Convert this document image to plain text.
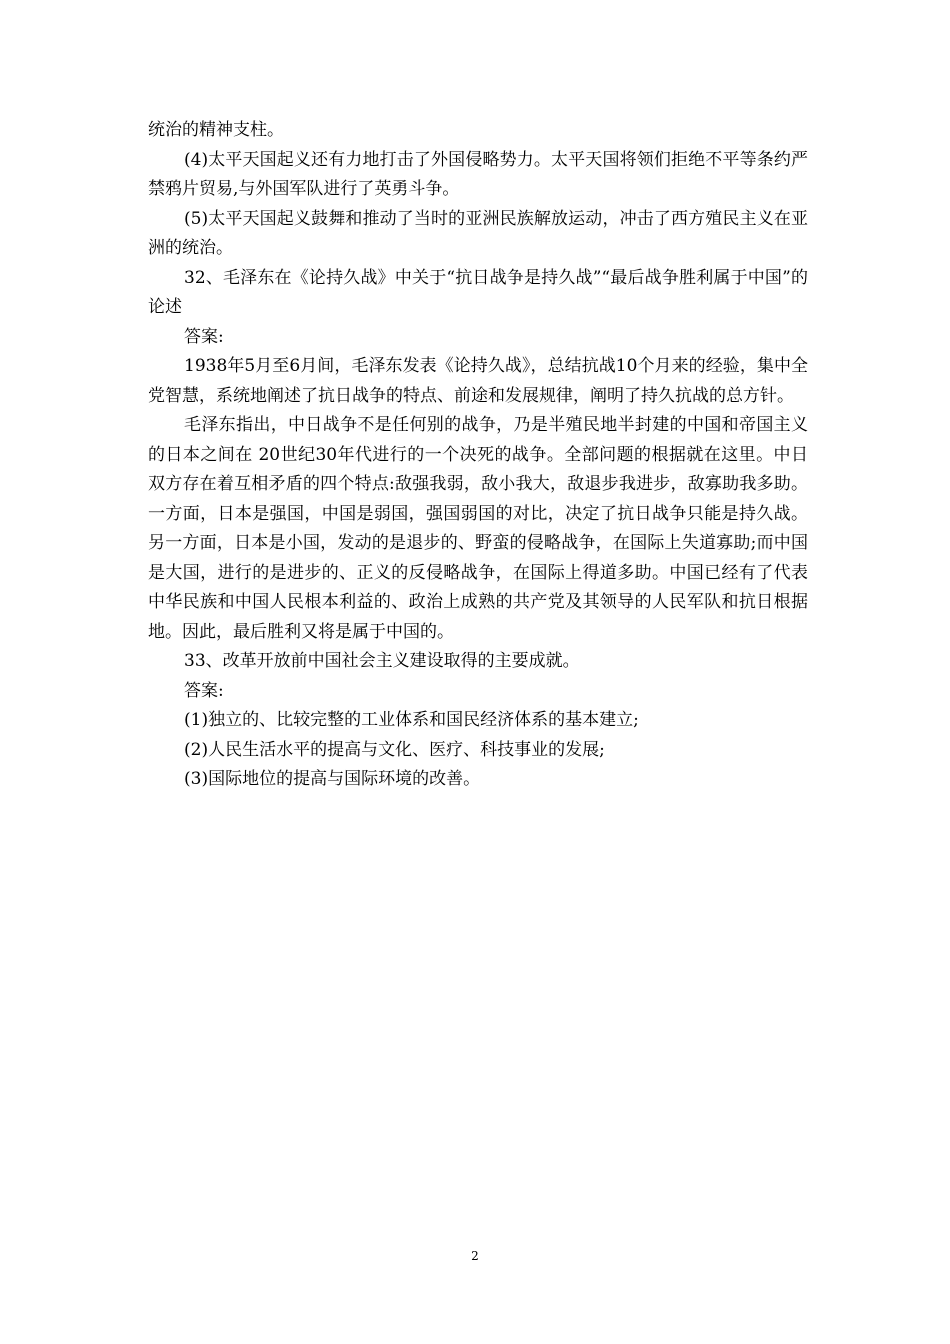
统治的精神支柱。

(4)太平天国起义还有力地打击了外国侵略势力。太平天国将领们拒绝不平等条约严禁鸦片贸易,与外国军队进行了英勇斗争。

(5)太平天国起义鼓舞和推动了当时的亚洲民族解放运动，冲击了西方殖民主义在亚洲的统治。

32、毛泽东在《论持久战》中关于“抗日战争是持久战”“最后战争胜利属于中国”的论述

答案:

1938年5月至6月间，毛泽东发表《论持久战》，总结抗战10个月来的经验，集中全党智慧，系统地阐述了抗日战争的特点、前途和发展规律，阐明了持久抗战的总方针。

毛泽东指出，中日战争不是任何别的战争，乃是半殖民地半封建的中国和帝国主义的日本之间在 20世纪30年代进行的一个决死的战争。全部问题的根据就在这里。中日双方存在着互相矛盾的四个特点:敌强我弱，敌小我大，敌退步我进步，敌寡助我多助。一方面，日本是强国，中国是弱国，强国弱国的对比，决定了抗日战争只能是持久战。另一方面，日本是小国，发动的是退步的、野蛮的侵略战争，在国际上失道寡助;而中国是大国，进行的是进步的、正义的反侵略战争，在国际上得道多助。中国已经有了代表中华民族和中国人民根本利益的、政治上成熟的共产党及其领导的人民军队和抗日根据地。因此，最后胜利又将是属于中国的。

33、改革开放前中国社会主义建设取得的主要成就。

答案:

(1)独立的、比较完整的工业体系和国民经济体系的基本建立;

(2)人民生活水平的提高与文化、医疗、科技事业的发展;

(3)国际地位的提高与国际环境的改善。

2
